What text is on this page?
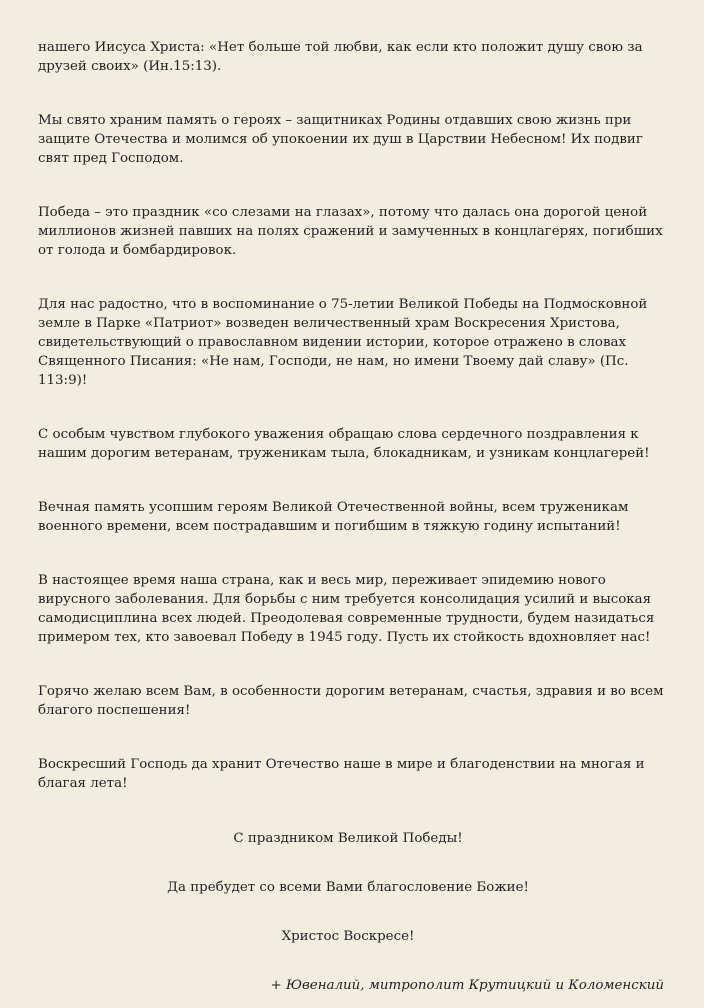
нашего Иисуса Христа: «Нет больше той любви, как если кто положит душу свою за друзей своих» (Ин.15:13).

Мы свято храним память о героях – защитниках Родины отдавших свою жизнь при защите Отечества и молимся об упокоении их душ в Царствии Небесном! Их подвиг свят пред Господом.

Победа – это праздник «со слезами на глазах», потому что далась она дорогой ценой миллионов жизней павших на полях сражений и замученных в концлагерях, погибших от голода и бомбардировок.

Для нас радостно, что в воспоминание о 75-летии Великой Победы на Подмосковной земле в Парке «Патриот» возведен величественный храм Воскресения Христова, свидетельствующий о православном видении истории, которое отражено в словах Священного Писания: «Не нам, Господи, не нам, но имени Твоему дай славу» (Пс. 113:9)!

С особым чувством глубокого уважения обращаю слова сердечного поздравления к нашим дорогим ветеранам, труженикам тыла, блокадникам, и узникам концлагерей!

Вечная память усопшим героям Великой Отечественной войны, всем труженикам военного времени, всем пострадавшим и погибшим в тяжкую годину испытаний!

В настоящее время наша страна, как и весь мир, переживает эпидемию нового вирусного заболевания. Для борьбы с ним требуется консолидация усилий и высокая самодисциплина всех людей. Преодолевая современные трудности, будем назидаться примером тех, кто завоевал Победу в 1945 году. Пусть их стойкость вдохновляет нас!

Горячо желаю всем Вам, в особенности дорогим ветеранам, счастья, здравия и во всем благого поспешения!

Воскресший Господь да хранит Отечество наше в мире и благоденствии на многая и благая лета!

С праздником Великой Победы!

Да пребудет со всеми Вами благословение Божие!

Христос Воскресе!

+ Ювеналий, митрополит Крутицкий и Коломенский
